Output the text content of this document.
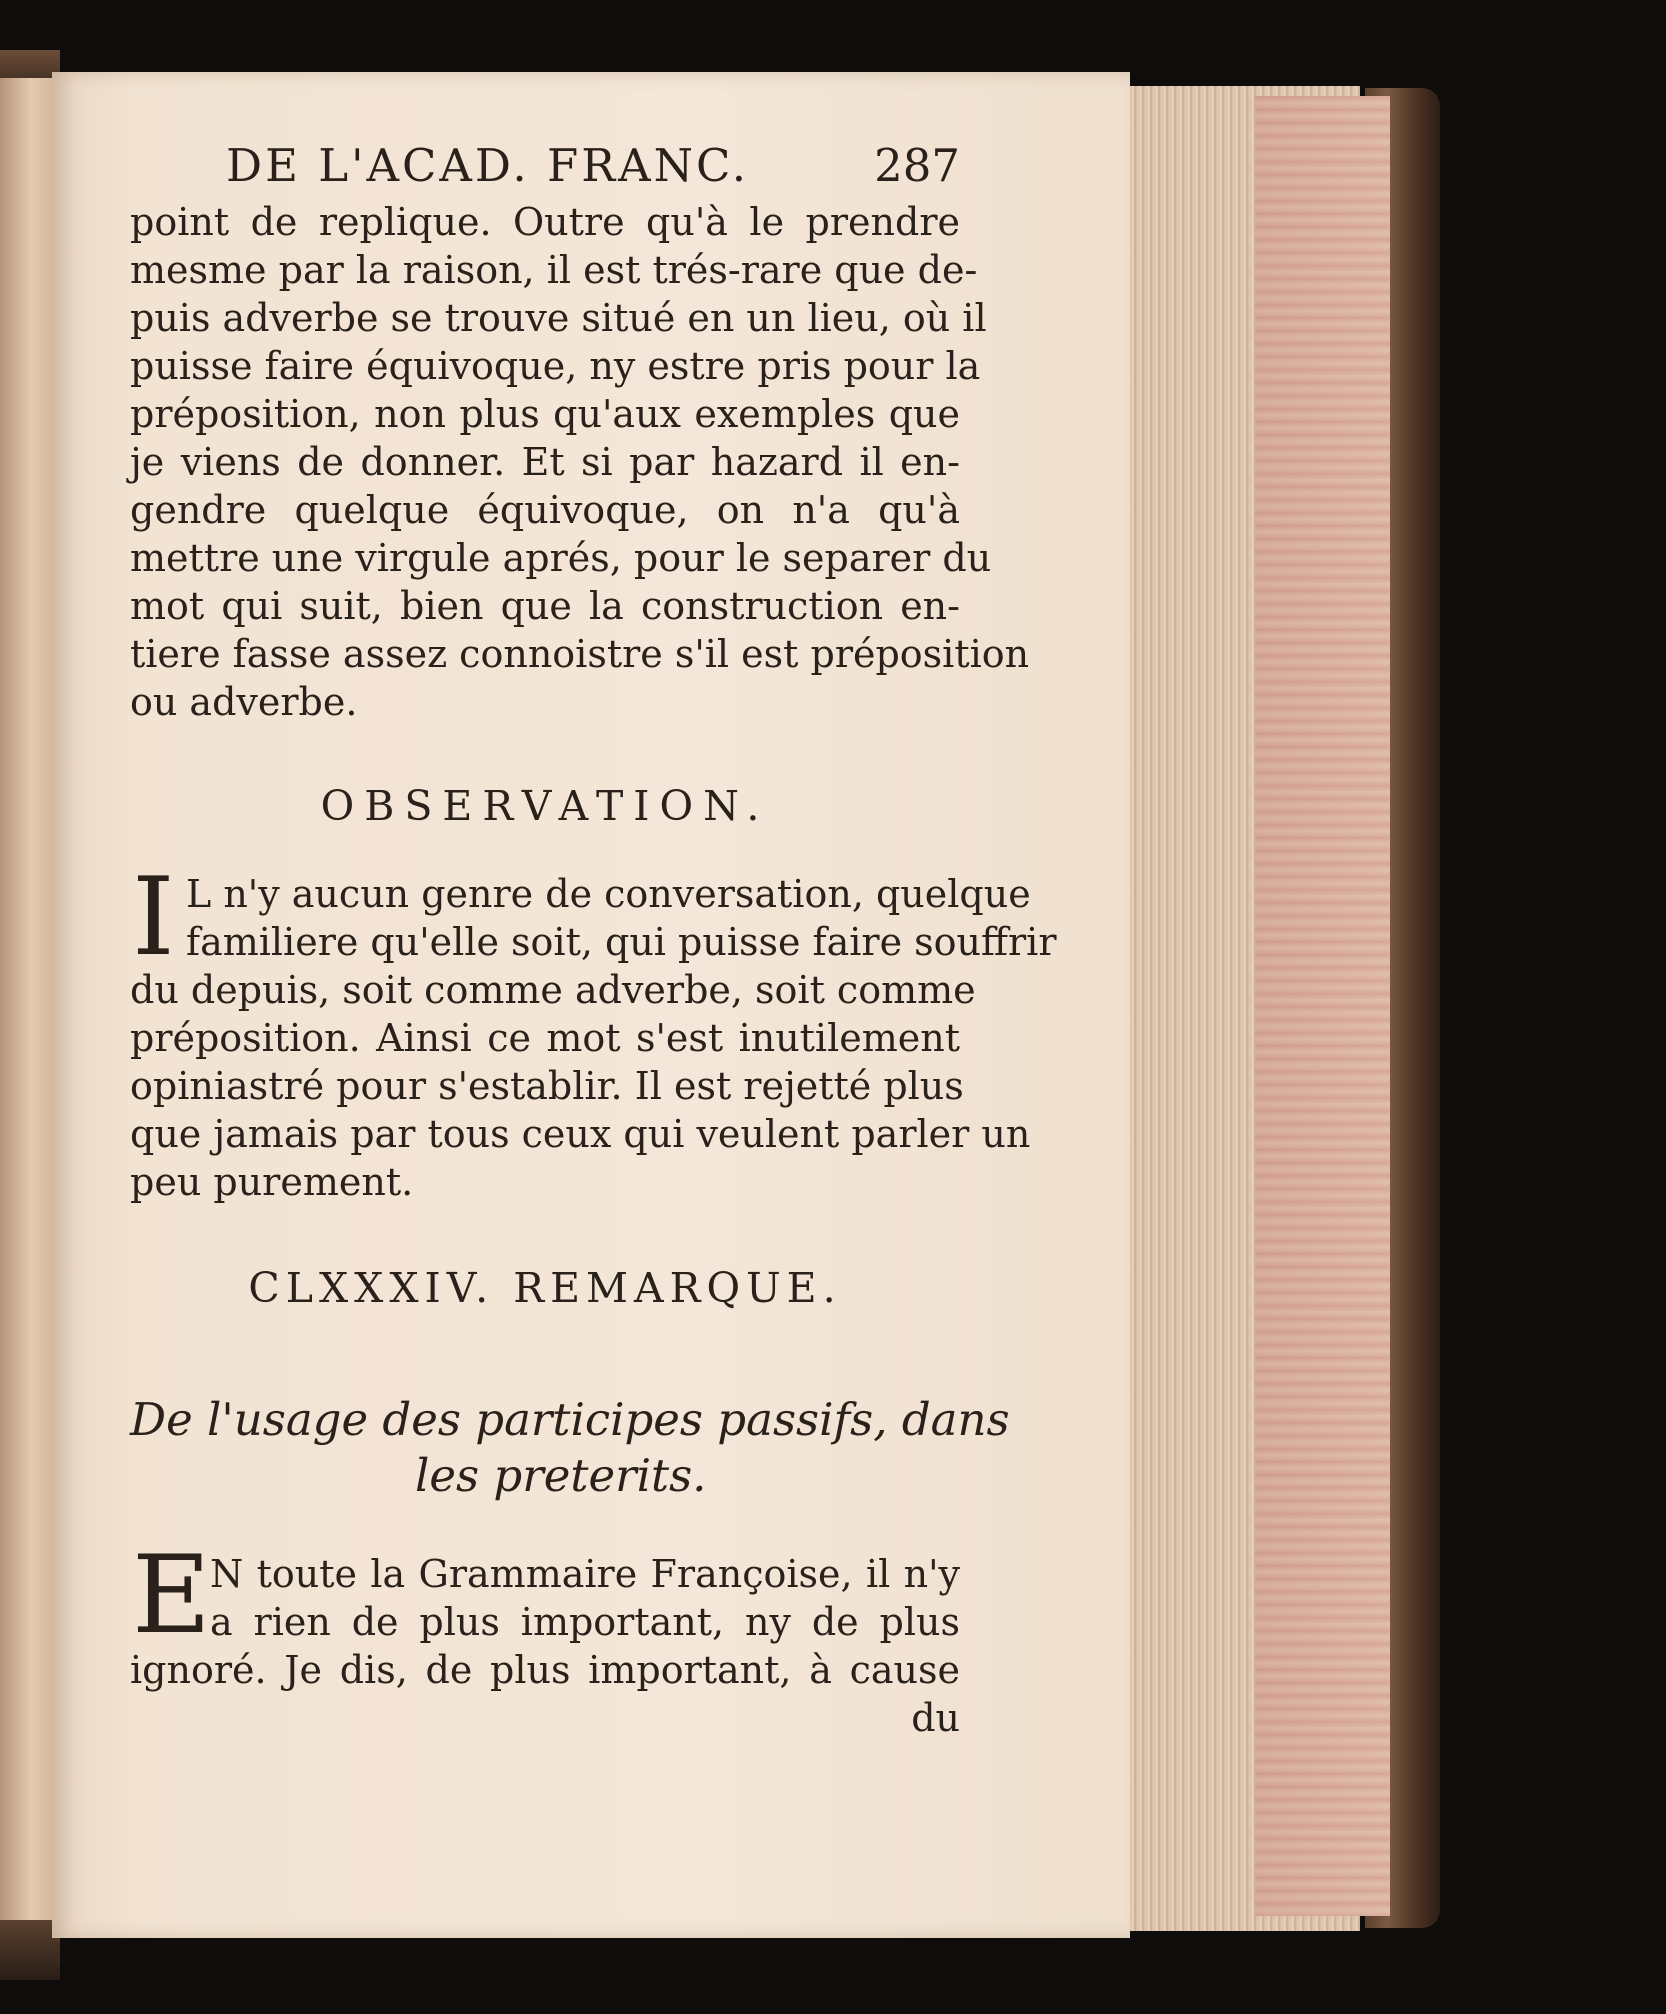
DE L'ACAD. FRANC.	287
point de replique. Outre qu'à le prendre
mesme par la raison, il est trés-rare que de-
puis adverbe se trouve situé en un lieu, où il
puisse faire équivoque, ny estre pris pour la
préposition, non plus qu'aux exemples que
je viens de donner. Et si par hazard il en-
gendre quelque équivoque, on n'a qu'à
mettre une virgule aprés, pour le separer du
mot qui suit, bien que la construction en-
tiere fasse assez connoistre s'il est préposition
ou adverbe.
OBSERVATION.
I L n'y aucun genre de conversation, quelque
familiere qu'elle soit, qui puisse faire souffrir
du depuis, soit comme adverbe, soit comme
préposition. Ainsi ce mot s'est inutilement
opiniastré pour s'establir. Il est rejetté plus
que jamais par tous ceux qui veulent parler un
peu purement.
CLXXXIV. REMARQUE.
De l'usage des participes passifs, dans
les preterits.
E N toute la Grammaire Françoise, il n'y
a rien de plus important, ny de plus
ignoré. Je dis, de plus important, à cause
du
